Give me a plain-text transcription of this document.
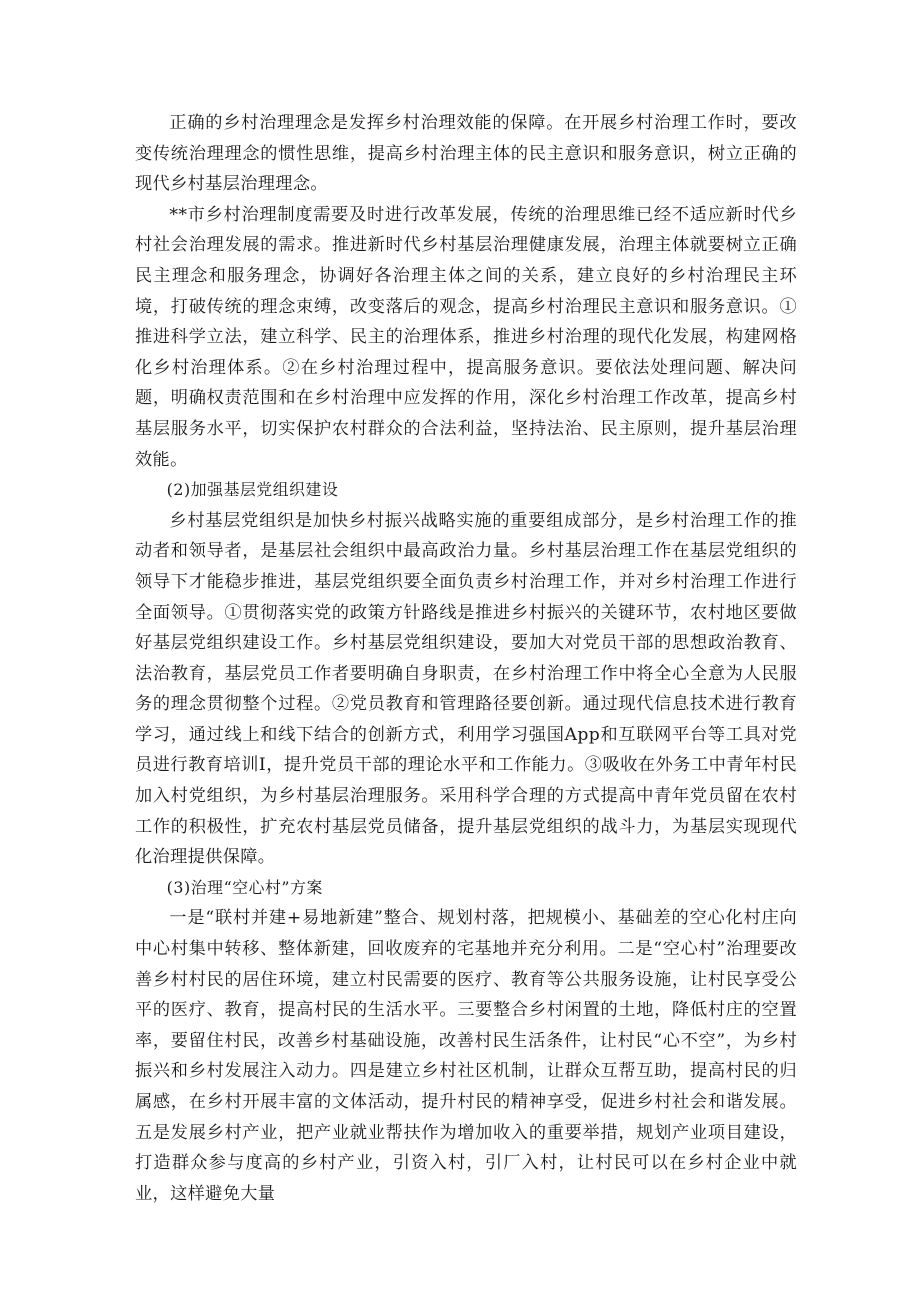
正确的乡村治理理念是发挥乡村治理效能的保障。在开展乡村治理工作时，要改变传统治理理念的惯性思维，提高乡村治理主体的民主意识和服务意识，树立正确的现代乡村基层治理理念。

**市乡村治理制度需要及时进行改革发展，传统的治理思维已经不适应新时代乡村社会治理发展的需求。推进新时代乡村基层治理健康发展，治理主体就要树立正确民主理念和服务理念，协调好各治理主体之间的关系，建立良好的乡村治理民主环境，打破传统的理念束缚，改变落后的观念，提高乡村治理民主意识和服务意识。①推进科学立法，建立科学、民主的治理体系，推进乡村治理的现代化发展，构建网格化乡村治理体系。②在乡村治理过程中，提高服务意识。要依法处理问题、解决问题，明确权责范围和在乡村治理中应发挥的作用，深化乡村治理工作改革，提高乡村基层服务水平，切实保护农村群众的合法利益，坚持法治、民主原则，提升基层治理效能。

(2)加强基层党组织建设

乡村基层党组织是加快乡村振兴战略实施的重要组成部分，是乡村治理工作的推动者和领导者，是基层社会组织中最高政治力量。乡村基层治理工作在基层党组织的领导下才能稳步推进，基层党组织要全面负责乡村治理工作，并对乡村治理工作进行全面领导。①贯彻落实党的政策方针路线是推进乡村振兴的关键环节，农村地区要做好基层党组织建设工作。乡村基层党组织建设，要加大对党员干部的思想政治教育、法治教育，基层党员工作者要明确自身职责，在乡村治理工作中将全心全意为人民服务的理念贯彻整个过程。②党员教育和管理路径要创新。通过现代信息技术进行教育学习，通过线上和线下结合的创新方式，利用学习强国App和互联网平台等工具对党员进行教育培训I，提升党员干部的理论水平和工作能力。③吸收在外务工中青年村民加入村党组织，为乡村基层治理服务。采用科学合理的方式提高中青年党员留在农村工作的积极性，扩充农村基层党员储备，提升基层党组织的战斗力，为基层实现现代化治理提供保障。

(3)治理“空心村”方案

一是“联村并建+易地新建”整合、规划村落，把规模小、基础差的空心化村庄向中心村集中转移、整体新建，回收废弃的宅基地并充分利用。二是“空心村”治理要改善乡村村民的居住环境，建立村民需要的医疗、教育等公共服务设施，让村民享受公平的医疗、教育，提高村民的生活水平。三要整合乡村闲置的土地，降低村庄的空置率，要留住村民，改善乡村基础设施，改善村民生活条件，让村民“心不空”，为乡村振兴和乡村发展注入动力。四是建立乡村社区机制，让群众互帮互助，提高村民的归属感，在乡村开展丰富的文体活动，提升村民的精神享受，促进乡村社会和谐发展。五是发展乡村产业，把产业就业帮扶作为增加收入的重要举措，规划产业项目建设，打造群众参与度高的乡村产业，引资入村，引厂入村，让村民可以在乡村企业中就业，这样避免大量
